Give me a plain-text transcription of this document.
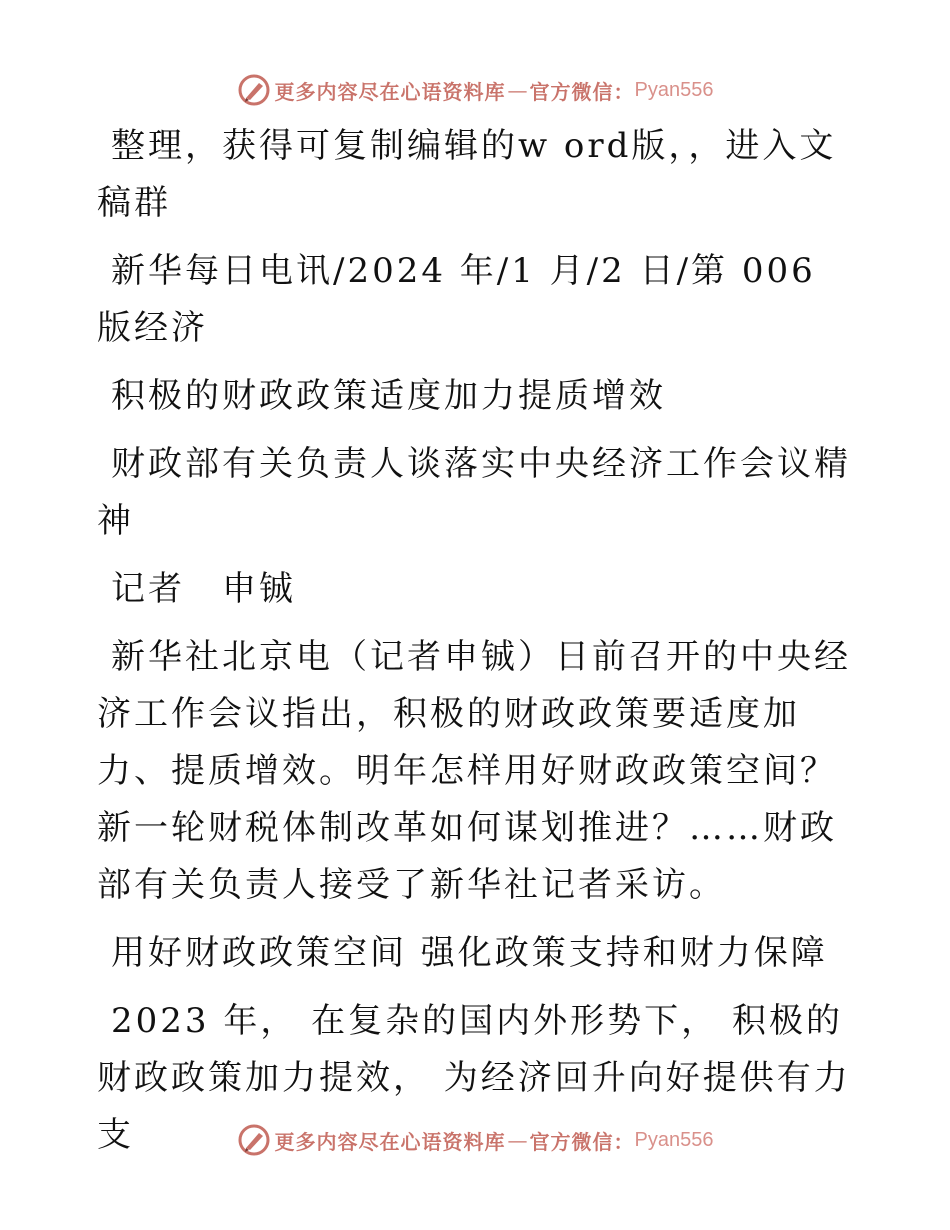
更多内容尽在心语资料库 — 官方微信： Pyan556

整理，获得可复制编辑的w ord版，，进入文稿群

新华每日电讯/2024 年/1 月/2 日/第 006 版经济

积极的财政政策适度加力提质增效

财政部有关负责人谈落实中央经济工作会议精神

记者　申铖

新华社北京电（记者申铖）日前召开的中央经济工作会议指出，积极的财政政策要适度加力、提质增效。明年怎样用好财政政策空间？新一轮财税体制改革如何谋划推进？……财政部有关负责人接受了新华社记者采访。

用好财政政策空间 强化政策支持和财力保障

2023 年， 在复杂的国内外形势下， 积极的财政政策加力提效， 为经济回升向好提供有力支	更多内容尽在心语资料库 — 官方微信： Pyan556
